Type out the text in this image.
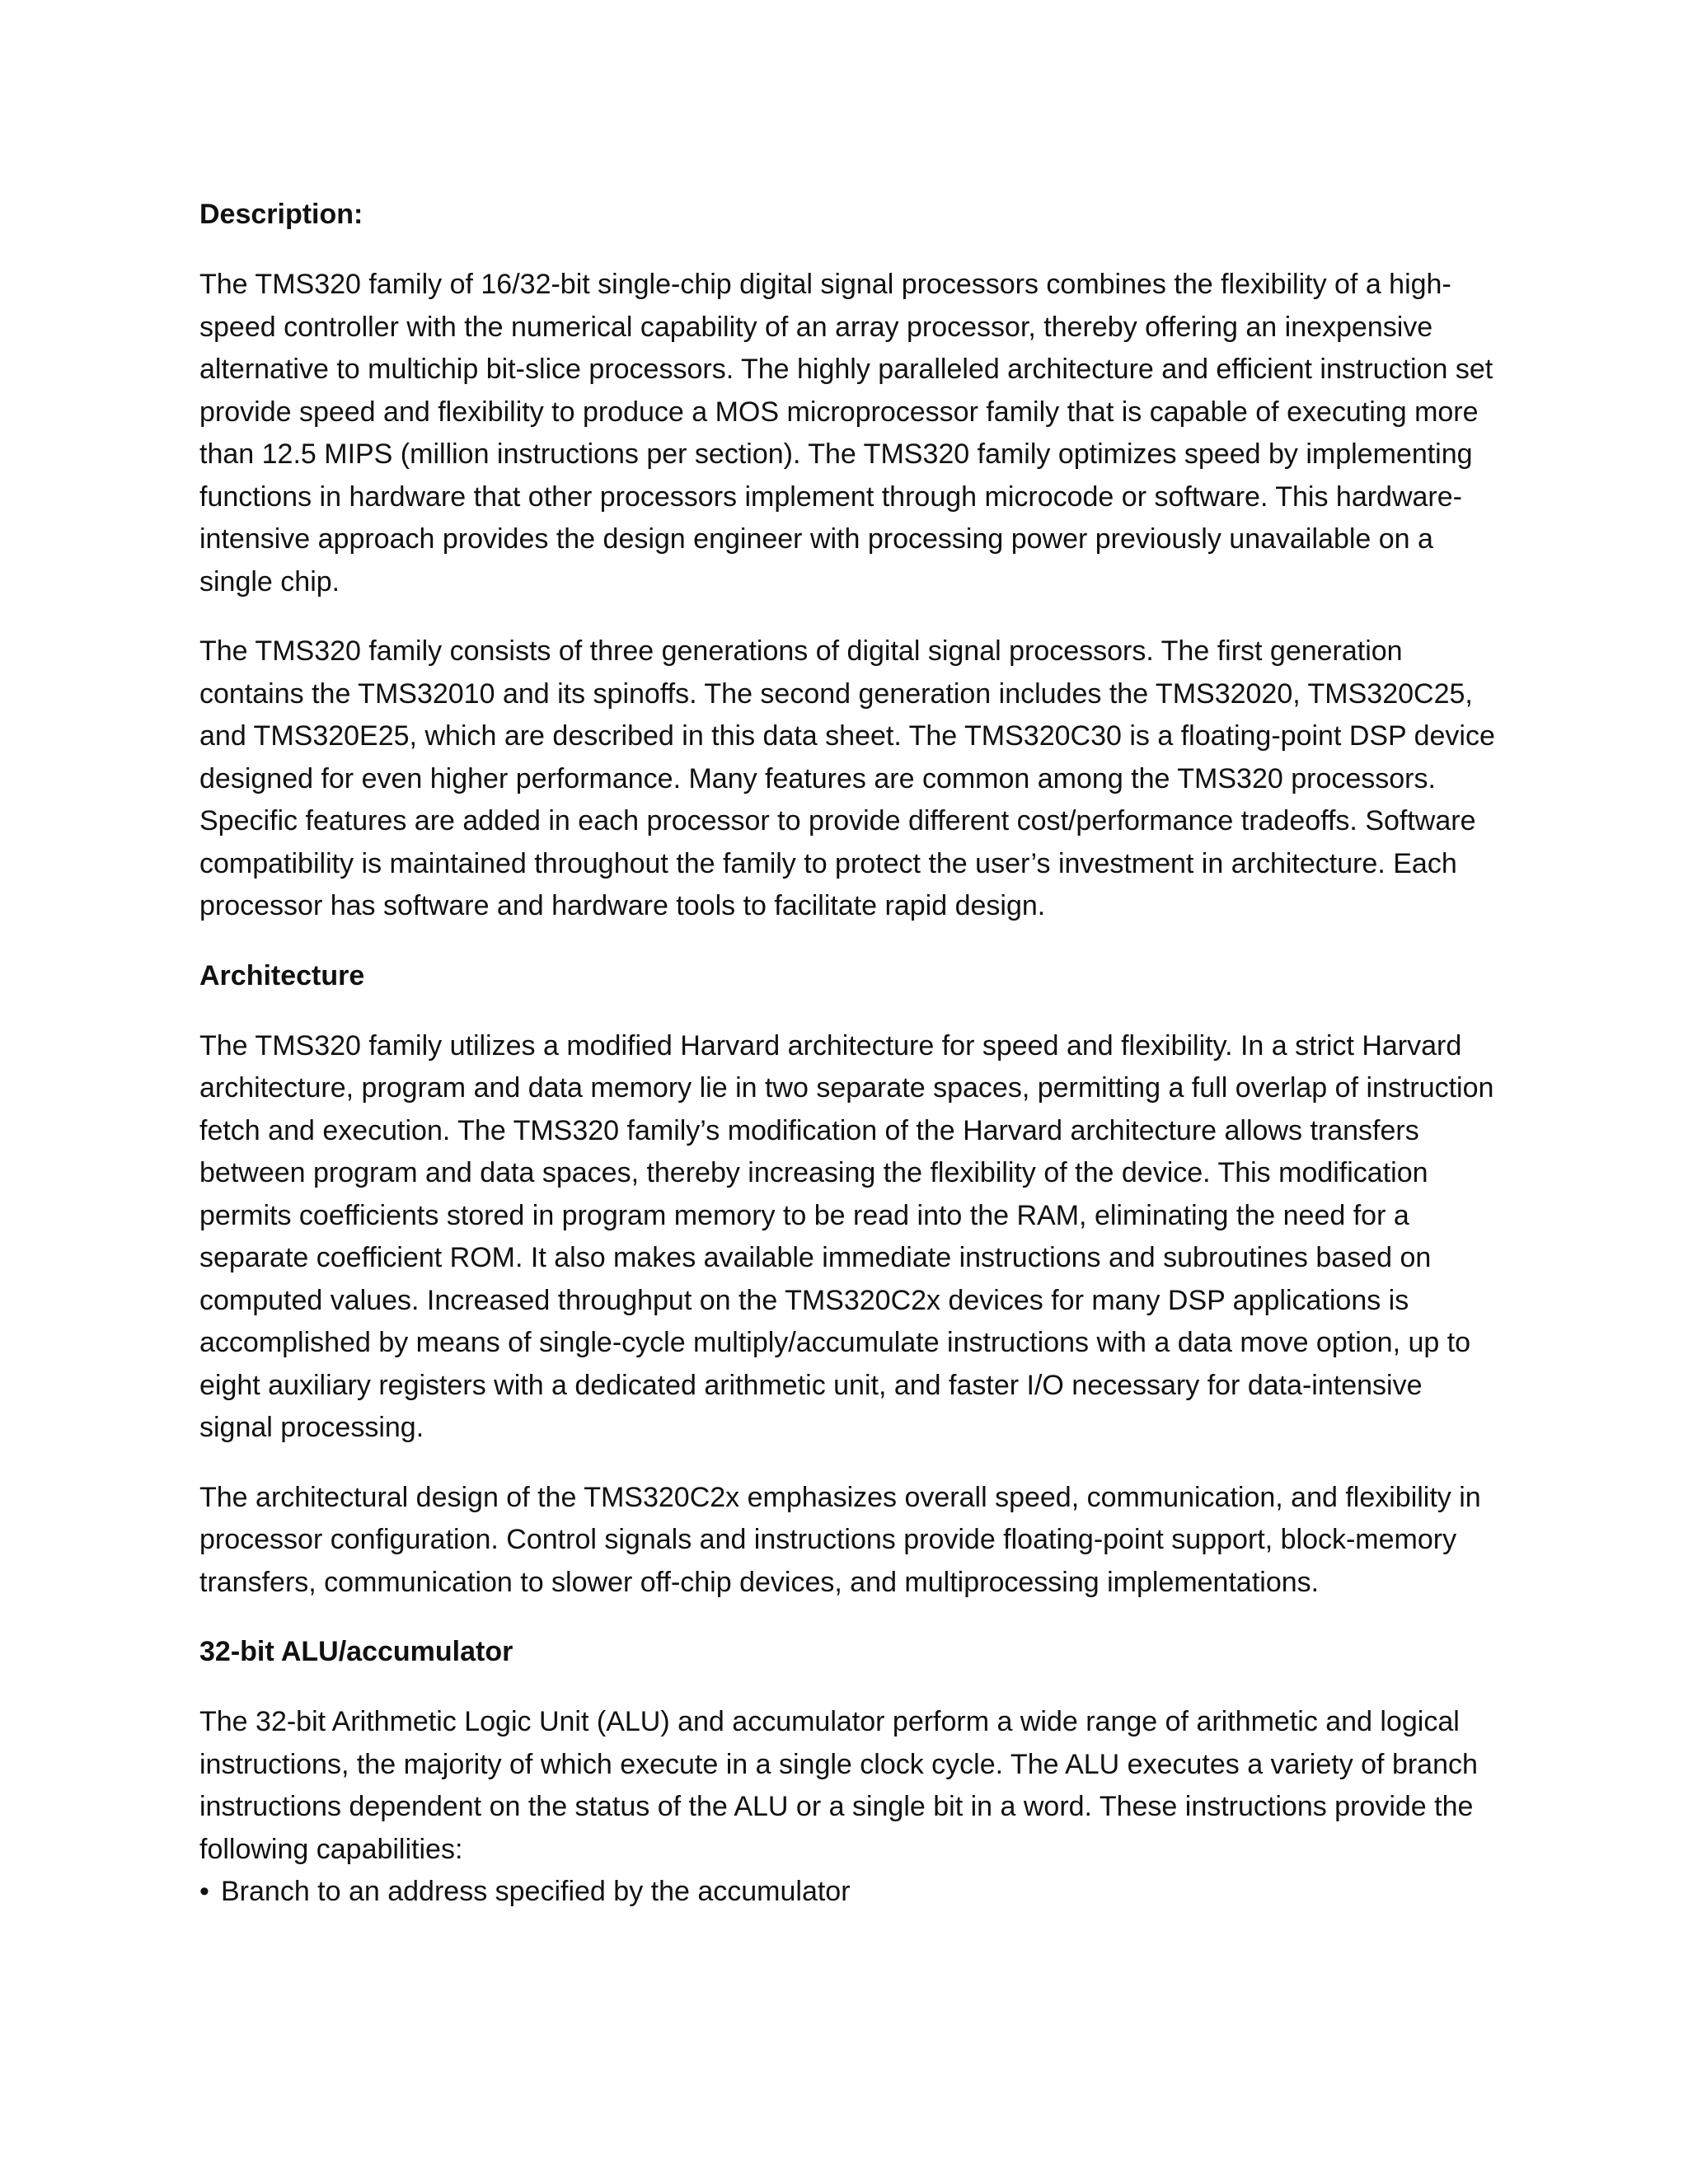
Description:

The TMS320 family of 16/32-bit single-chip digital signal processors combines the flexibility of a high-speed controller with the numerical capability of an array processor, thereby offering an inexpensive alternative to multichip bit-slice processors. The highly paralleled architecture and efficient instruction set provide speed and flexibility to produce a MOS microprocessor family that is capable of executing more than 12.5 MIPS (million instructions per section). The TMS320 family optimizes speed by implementing functions in hardware that other processors implement through microcode or software. This hardware-intensive approach provides the design engineer with processing power previously unavailable on a single chip.

The TMS320 family consists of three generations of digital signal processors. The first generation contains the TMS32010 and its spinoffs. The second generation includes the TMS32020, TMS320C25, and TMS320E25, which are described in this data sheet. The TMS320C30 is a floating-point DSP device designed for even higher performance. Many features are common among the TMS320 processors. Specific features are added in each processor to provide different cost/performance tradeoffs. Software compatibility is maintained throughout the family to protect the user’s investment in architecture. Each processor has software and hardware tools to facilitate rapid design.

Architecture

The TMS320 family utilizes a modified Harvard architecture for speed and flexibility. In a strict Harvard architecture, program and data memory lie in two separate spaces, permitting a full overlap of instruction fetch and execution. The TMS320 family’s modification of the Harvard architecture allows transfers between program and data spaces, thereby increasing the flexibility of the device. This modification permits coefficients stored in program memory to be read into the RAM, eliminating the need for a separate coefficient ROM. It also makes available immediate instructions and subroutines based on computed values. Increased throughput on the TMS320C2x devices for many DSP applications is accomplished by means of single-cycle multiply/accumulate instructions with a data move option, up to eight auxiliary registers with a dedicated arithmetic unit, and faster I/O necessary for data-intensive signal processing.

The architectural design of the TMS320C2x emphasizes overall speed, communication, and flexibility in processor configuration. Control signals and instructions provide floating-point support, block-memory transfers, communication to slower off-chip devices, and multiprocessing implementations.

32-bit ALU/accumulator

The 32-bit Arithmetic Logic Unit (ALU) and accumulator perform a wide range of arithmetic and logical instructions, the majority of which execute in a single clock cycle. The ALU executes a variety of branch instructions dependent on the status of the ALU or a single bit in a word. These instructions provide the following capabilities:

• Branch to an address specified by the accumulator
